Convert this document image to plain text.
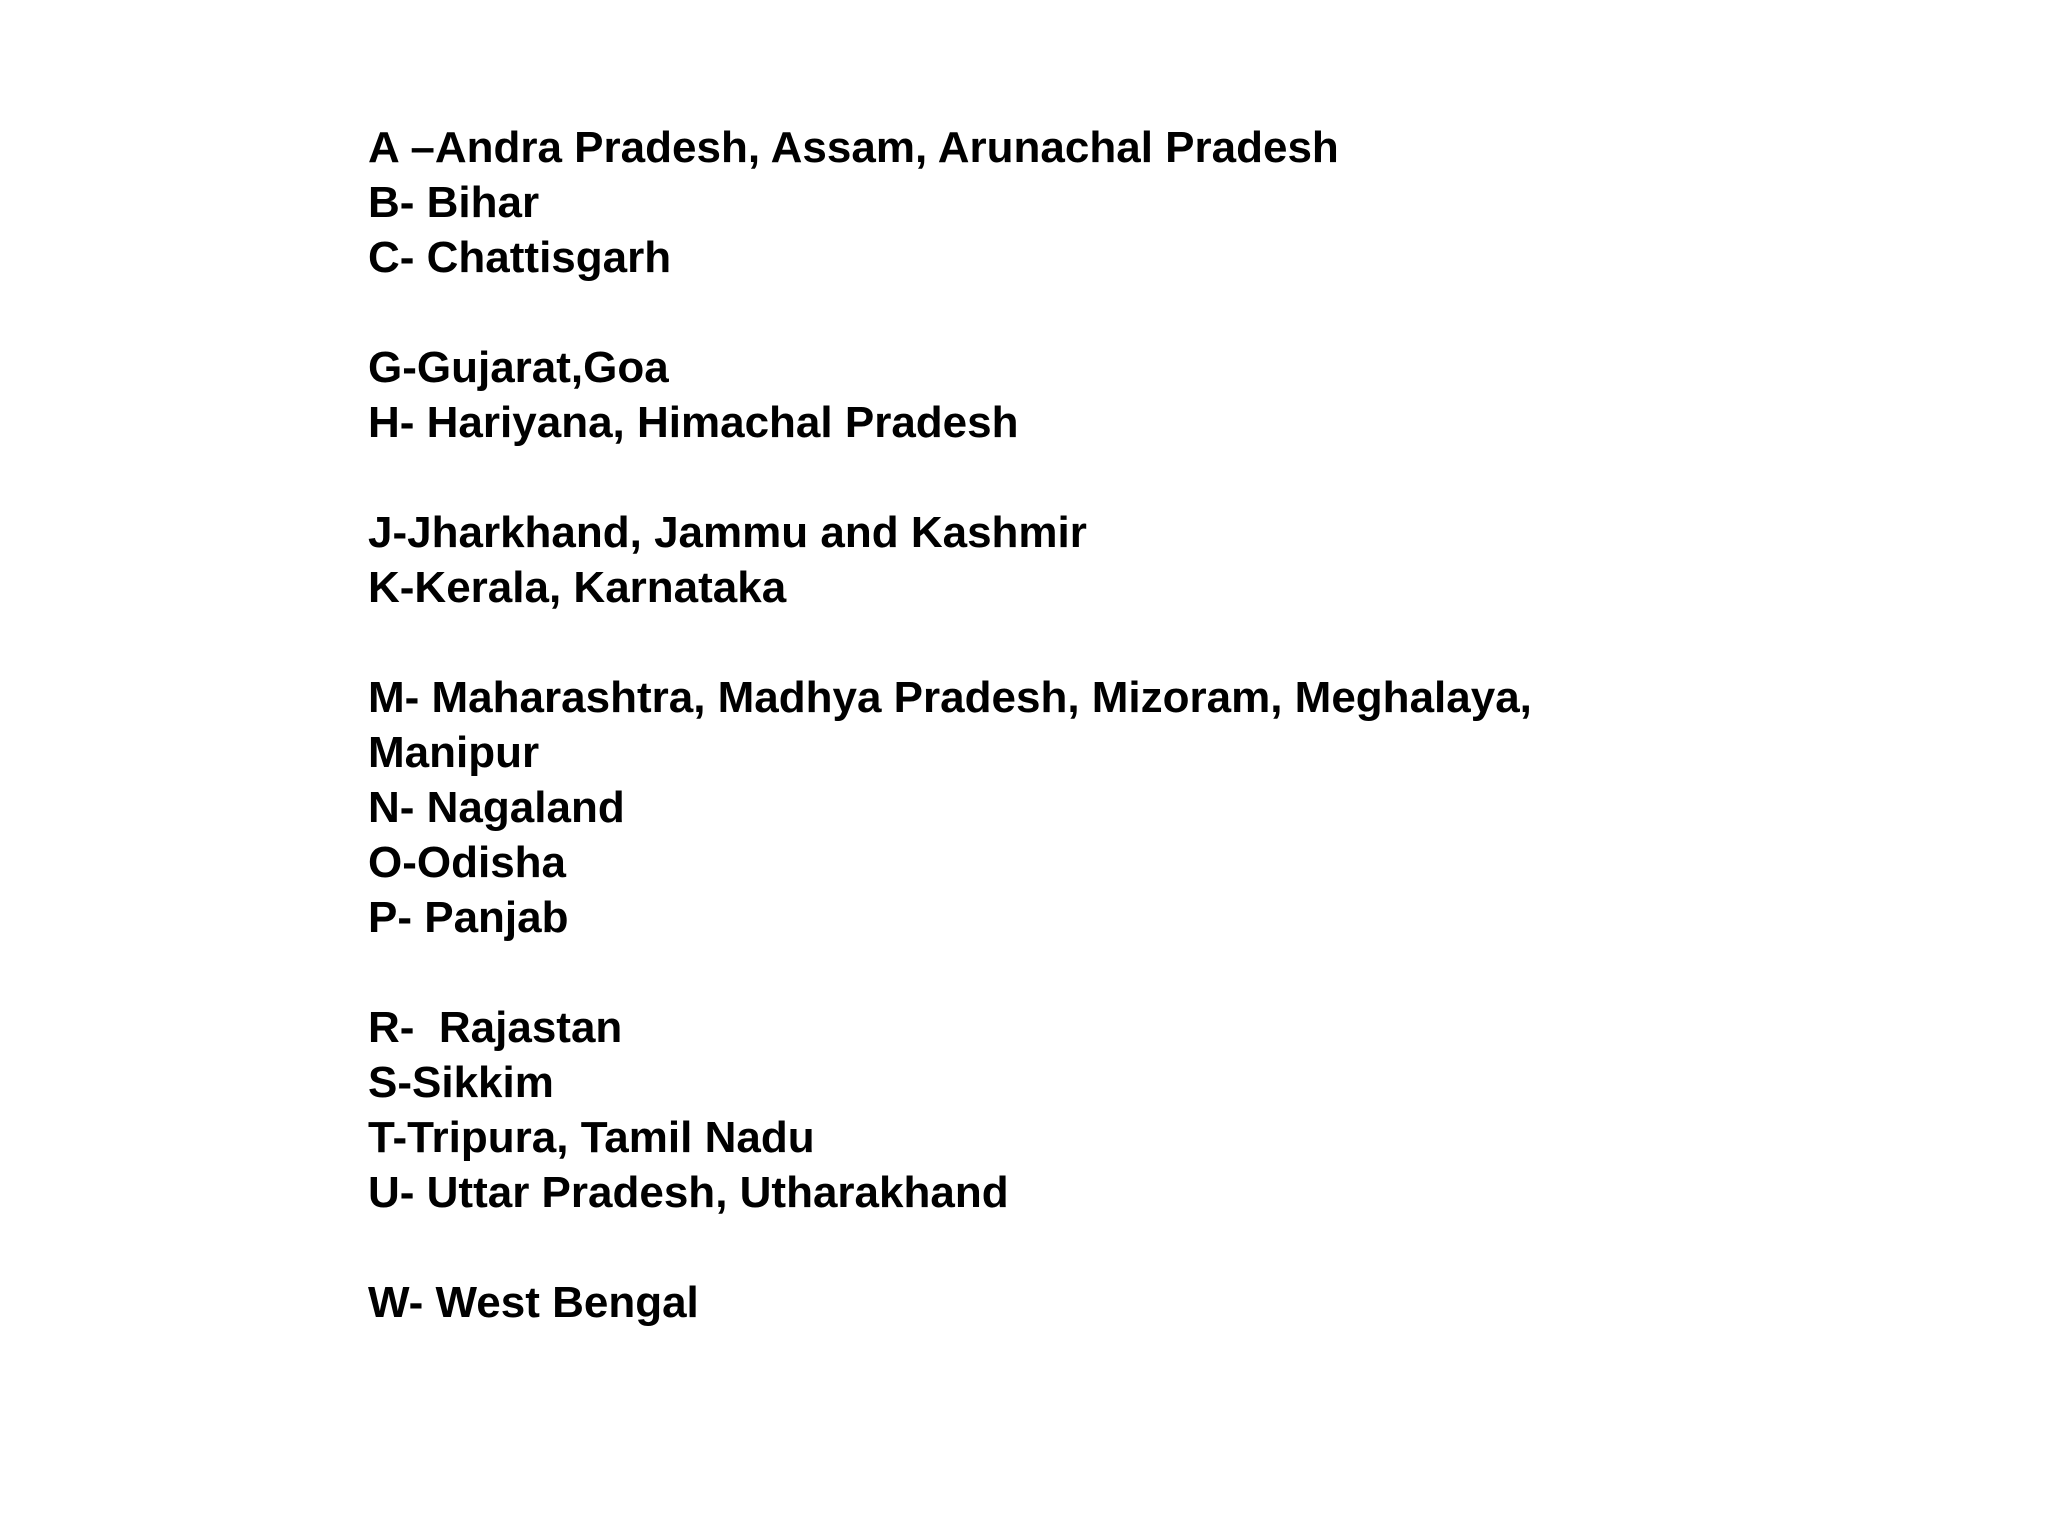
A –Andra Pradesh, Assam, Arunachal Pradesh
B- Bihar
C- Chattisgarh
G-Gujarat,Goa
H- Hariyana, Himachal Pradesh
J-Jharkhand, Jammu and Kashmir
K-Kerala, Karnataka
M- Maharashtra, Madhya Pradesh, Mizoram, Meghalaya,
Manipur
N- Nagaland
O-Odisha
P- Panjab
R-  Rajastan
S-Sikkim
T-Tripura, Tamil Nadu
U- Uttar Pradesh, Utharakhand
W- West Bengal
